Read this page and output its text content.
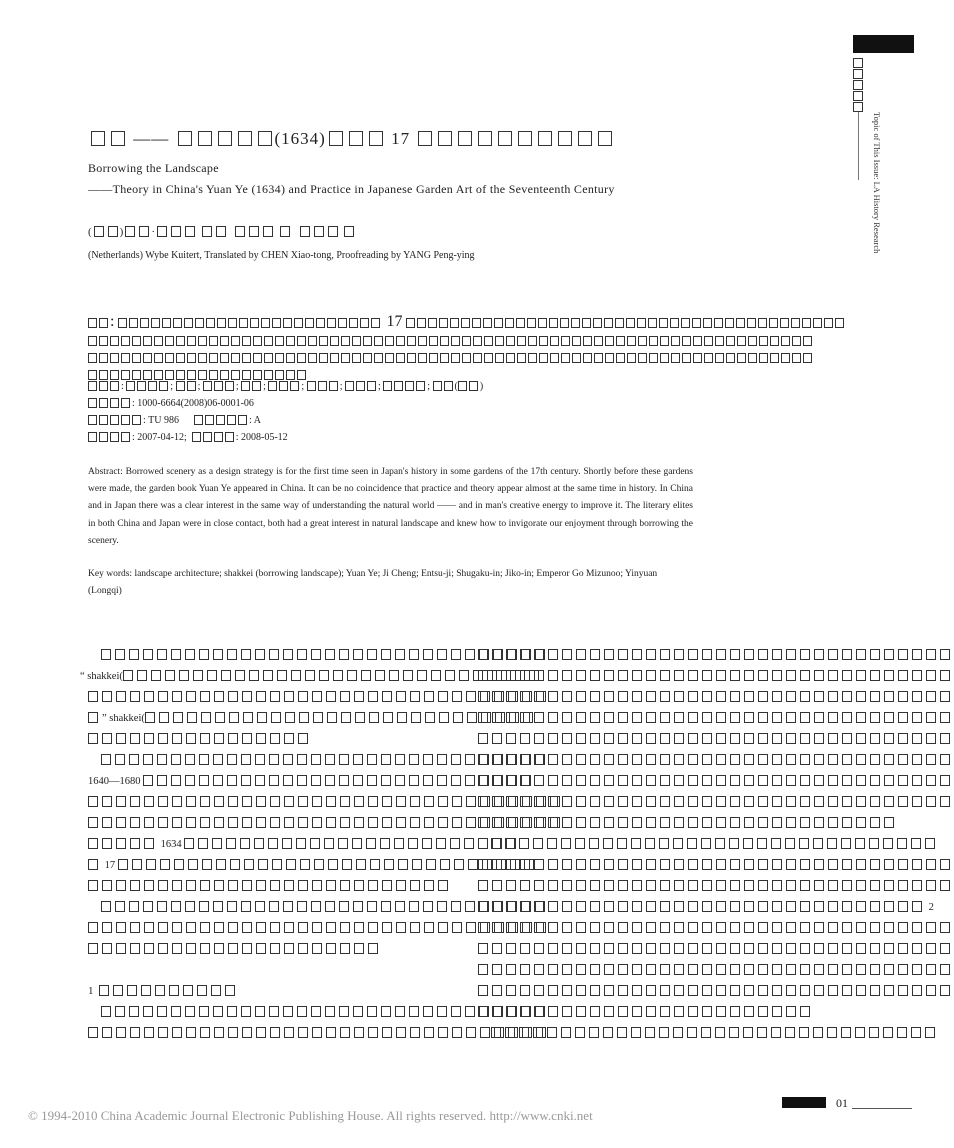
Topic of This Issue: LA History Research
——	(1634)	17
Borrowing the Landscape
——Theory in China's Yuan Ye (1634) and Practice in Japanese Garden Art of the Seventeenth Century
(	)	·
(Netherlands) Wybe Kuitert, Translated by CHEN Xiao-tong, Proofreading by YANG Peng-ying
:	17
:	; ;	; ;	;	;	;	; ( )
: 1000-6664(2008)06-0001-06
: TU 986	: A
: 2007-04-12;	: 2008-05-12
Abstract: Borrowed scenery as a design strategy is for the first time seen in Japan's history in some gardens of the 17th century. Shortly before these gardens were made, the garden book Yuan Ye appeared in China. It can be no coincidence that practice and theory appear almost at the same time in history. In China and in Japan there was a clear interest in the same way of understanding the natural world —— and in man's creative energy to improve it. The literary elites in both China and Japan were in close contact, both had a great interest in natural landscape and knew how to invigorate our enjoyment through borrowing the scenery.
Key words: landscape architecture; shakkei (borrowing landscape); Yuan Ye; Ji Cheng; Entsu-ji; Shugaku-in; Jiko-in; Emperor Go Mizunoo; Yinyuan (Longqi)

“ shakkei(
” shakkei(

1640—1680
1634
17

1

2

01
© 1994-2010 China Academic Journal Electronic Publishing House. All rights reserved. http://www.cnki.net
